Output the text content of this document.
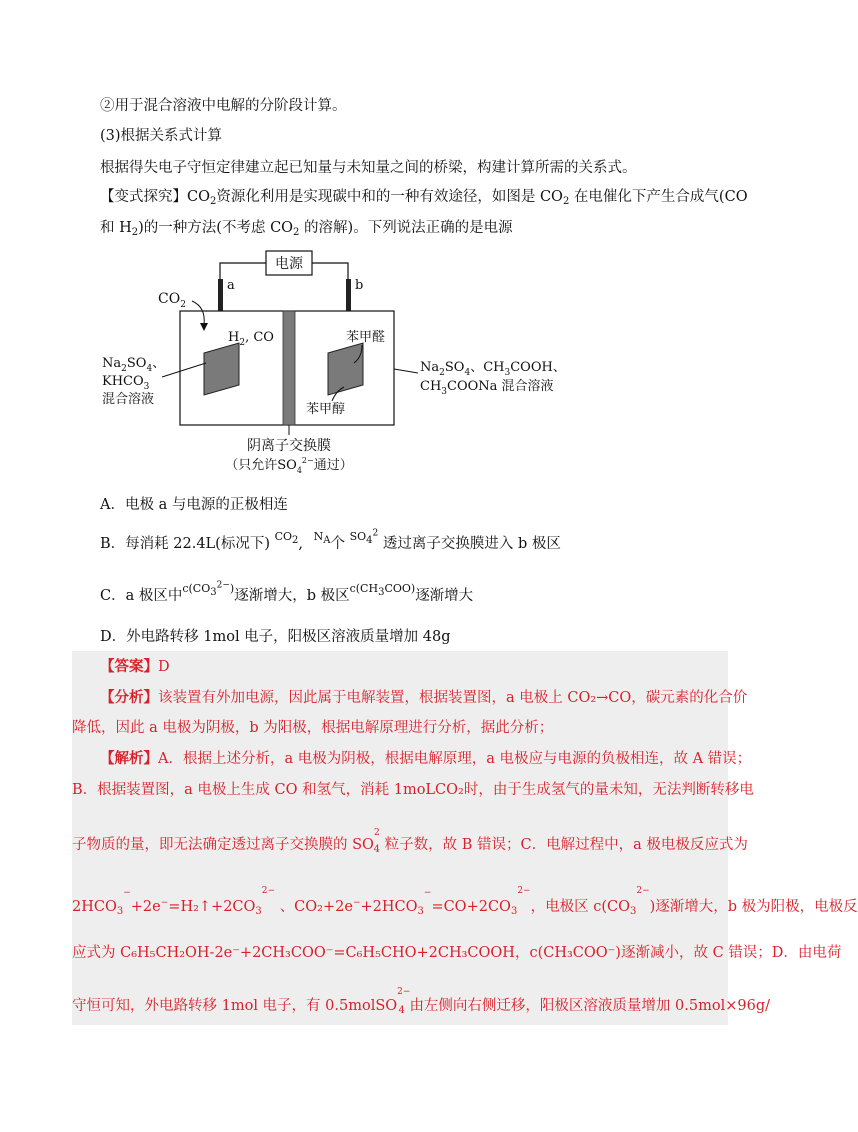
②用于混合溶液中电解的分阶段计算。
(3)根据关系式计算
根据得失电子守恒定律建立起已知量与未知量之间的桥梁，构建计算所需的关系式。
【变式探究】$CO_2$资源化利用是实现碳中和的一种有效途径，如图是 $CO_2$ 在电催化下产生合成气(CO
和 $H_2$)的一种方法(不考虑 $CO_2$ 的溶解)。下列说法正确的是电源
电源
a	b
$CO_2$
$H_2$, CO	苯甲醛
苯甲醇
$Na_2SO_4$、
$KHCO_3$
混合溶液
$Na_2SO_4$、$CH_3COOH$、
$CH_3COONa$ 混合溶液
阴离子交换膜
（只允许$SO_4^{2-}$通过）
A．电极 a 与电源的正极相连
B．每消耗 22.4L(标况下) $CO_2$, $N_A$个 $SO_4^2$ 透过离子交换膜进入 b 极区
C．a 极区中$c(CO_3^{2-})$逐渐增大，b 极区$c(CH_3COO)$逐渐增大
D．外电路转移 1mol 电子，阳极区溶液质量增加 48g
【答案】D
【分析】该装置有外加电源，因此属于电解装置，根据装置图，a 电极上 CO₂→CO，碳元素的化合价
降低，因此 a 电极为阴极，b 为阳极，根据电解原理进行分析，据此分析；
【解析】A．根据上述分析，a 电极为阴极，根据电解原理，a 电极应与电源的负极相连，故 A 错误；
B．根据装置图，a 电极上生成 CO 和氢气，消耗 1moLCO₂时，由于生成氢气的量未知，无法判断转移电
子物质的量，即无法确定透过离子交换膜的 $SO^2_4$ 粒子数，故 B 错误；C．电解过程中，a 极电极反应式为
$2HCO_3^-+2e^-=H_2↑+2CO_3^{2-}$ 、$CO_2+2e^-+2HCO_3^-=CO+2CO_3^{2-}$，电极区 $c(CO_3^{2-})$逐渐增大，b 极为阳极，电极反
应式为 C₆H₅CH₂OH-2e⁻+2CH₃COO⁻=C₆H₅CHO+2CH₃COOH，c(CH₃COO⁻)逐渐减小，故 C 错误；D．由电荷
守恒可知，外电路转移 1mol 电子，有 0.5molSO$^{2-}_4$ 由左侧向右侧迁移，阳极区溶液质量增加 0.5mol×96g/
